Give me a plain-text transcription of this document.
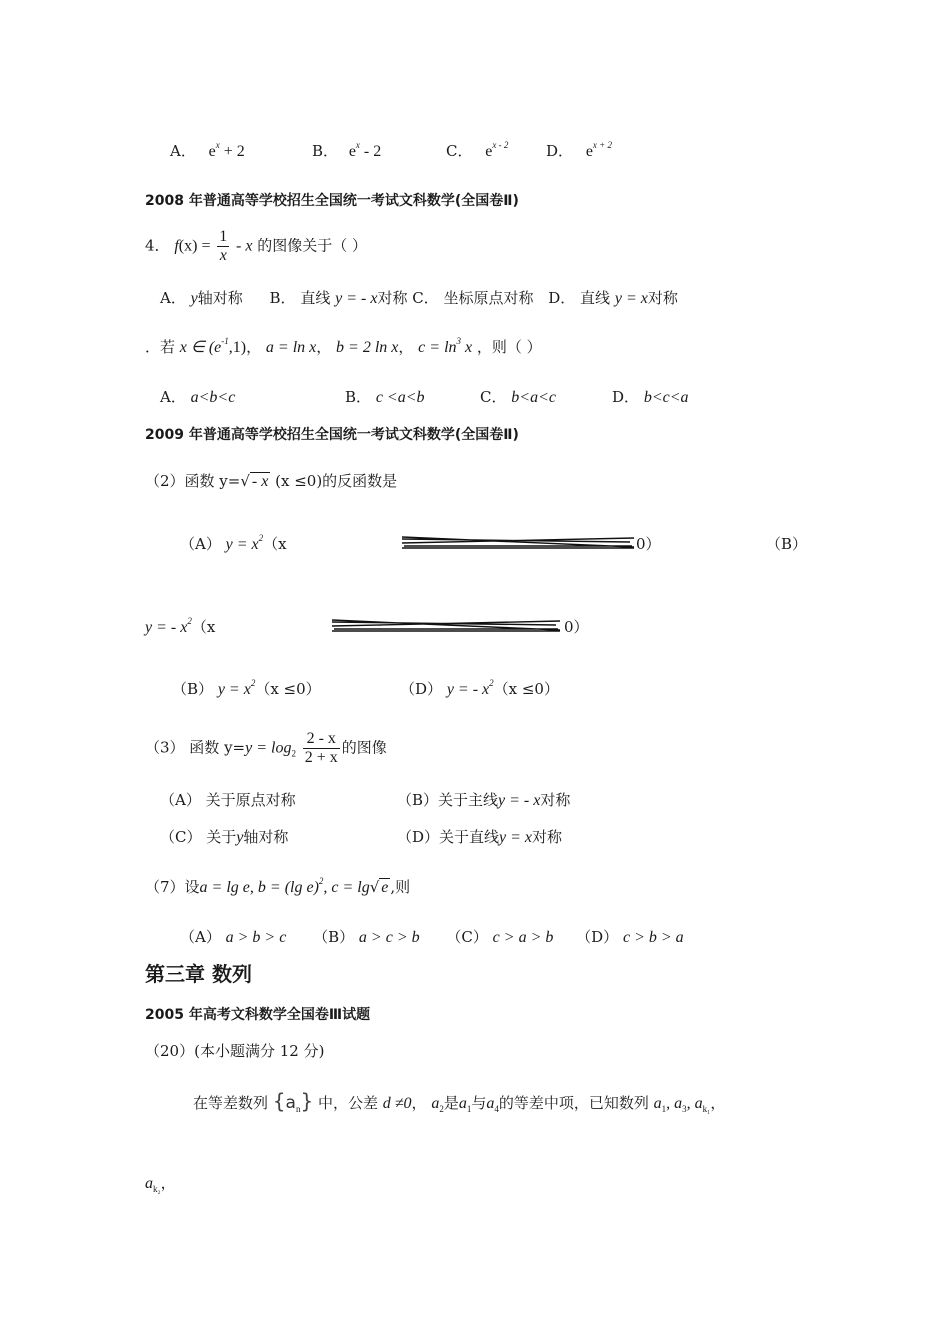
A． $e^x + 2$	B． $e^x - 2$	C． $e^{x - 2}$	D． $e^{x + 2}$
2008 年普通高等学校招生全国统一考试文科数学(全国卷Ⅱ)
4． $f(x) = \frac{1}{x} - x$ 的图像关于（ ）
A． y轴对称 B． 直线 y = - x对称 C． 坐标原点对称 D． 直线 y = x对称
．若 x ∈ $(e^{-1},1)$， a = ln x， b = 2 ln x， $c = \ln^3 x$ ，则（ ）
A． a<b<c	B． c <a<b	C． b<a<c	D． b<c<a
2009 年普通高等学校招生全国统一考试文科数学(全国卷Ⅱ)
（2）函数 y=√ - x (x ≤0)的反函数是
（A） $y = x^2(x$	0）	（B）
y = - $x^2(x$	0）
（B） $y = x^2(x \le 0)$	（D） y = - $x^2(x \le 0)$
（3） 函数 $y=y = \log_2 \frac{2 - x}{2 + x}$ 的图像
（A） 关于原点对称	（B）关于主线y = - x对称
（C） 关于y轴对称	（D）关于直线y = x对称
（7）设a = lg e, b = (lg e)$^2$, c = lg√ e ,则
（A） a > b > c （B） a > c > b （C） c > a > b （D） c > b > a
第三章 数列
2005 年高考文科数学全国卷Ⅲ试题
（20）(本小题满分 12 分)
在等差数列 $\{a_n\}$ 中，公差 d ≠0， $a_2$是$a_1$与$a_4$的等差中项，已知数列 $a_1$, $a_3$, $a_{k_1}$，
$a_{k_2}$，
